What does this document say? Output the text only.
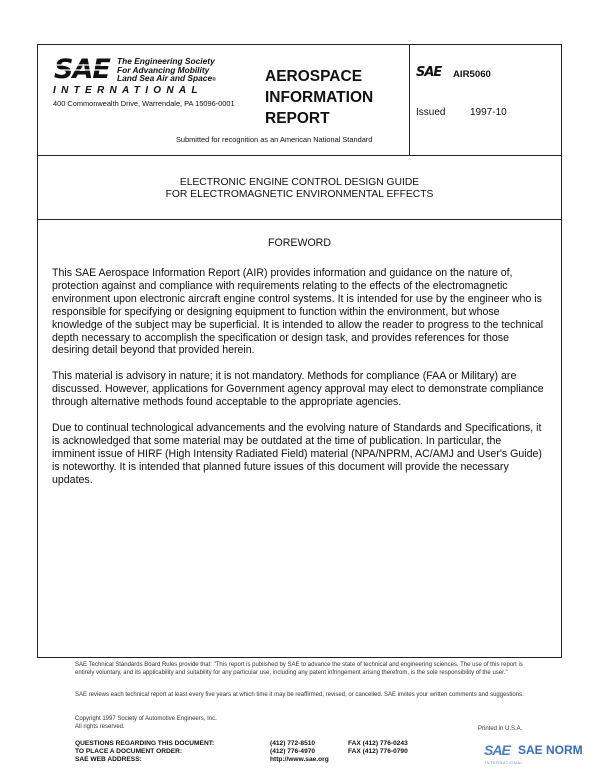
SAE The Engineering Society
For Advancing Mobility
Land Sea Air and Space®
INTERNATIONAL
400 Commonwealth Drive, Warrendale, PA 15096-0001
AEROSPACE
INFORMATION
REPORT
SAE AIR5060
Issued 1997-10
Submitted for recognition as an American National Standard
ELECTRONIC ENGINE CONTROL DESIGN GUIDE
FOR ELECTROMAGNETIC ENVIRONMENTAL EFFECTS
FOREWORD

This SAE Aerospace Information Report (AIR) provides information and guidance on the nature of, protection against and compliance with requirements relating to the effects of the electromagnetic environment upon electronic aircraft engine control systems. It is intended for use by the engineer who is responsible for specifying or designing equipment to function within the environment, but whose knowledge of the subject may be superficial. It is intended to allow the reader to progress to the technical depth necessary to accomplish the specification or design task, and provides references for those desiring detail beyond that provided herein.

This material is advisory in nature; it is not mandatory. Methods for compliance (FAA or Military) are discussed. However, applications for Government agency approval may elect to demonstrate compliance through alternative methods found acceptable to the appropriate agencies.

Due to continual technological advancements and the evolving nature of Standards and Specifications, it is acknowledged that some material may be outdated at the time of publication. In particular, the imminent issue of HIRF (High Intensity Radiated Field) material (NPA/NPRM, AC/AMJ and User's Guide) is noteworthy. It is intended that planned future issues of this document will provide the necessary updates.

SAE Technical Standards Board Rules provide that: "This report is published by SAE to advance the state of technical and engineering sciences. The use of this report is entirely voluntary, and its applicability and suitability for any particular use, including any patent infringement arising therefrom, is the sole responsibility of the user."
SAE reviews each technical report at least every five years at which time it may be reaffirmed, revised, or cancelled. SAE invites your written comments and suggestions.
Copyright 1997 Society of Automotive Engineers, Inc.
All rights reserved.	Printed in U.S.A.
QUESTIONS REGARDING THIS DOCUMENT:	(412) 772-8510	FAX (412) 776-0243
TO PLACE A DOCUMENT ORDER:	(412) 776-4970	FAX (412) 776-0790
SAE WEB ADDRESS:	http://www.sae.org
SAE SAE NORM
INTERNATIONAL
